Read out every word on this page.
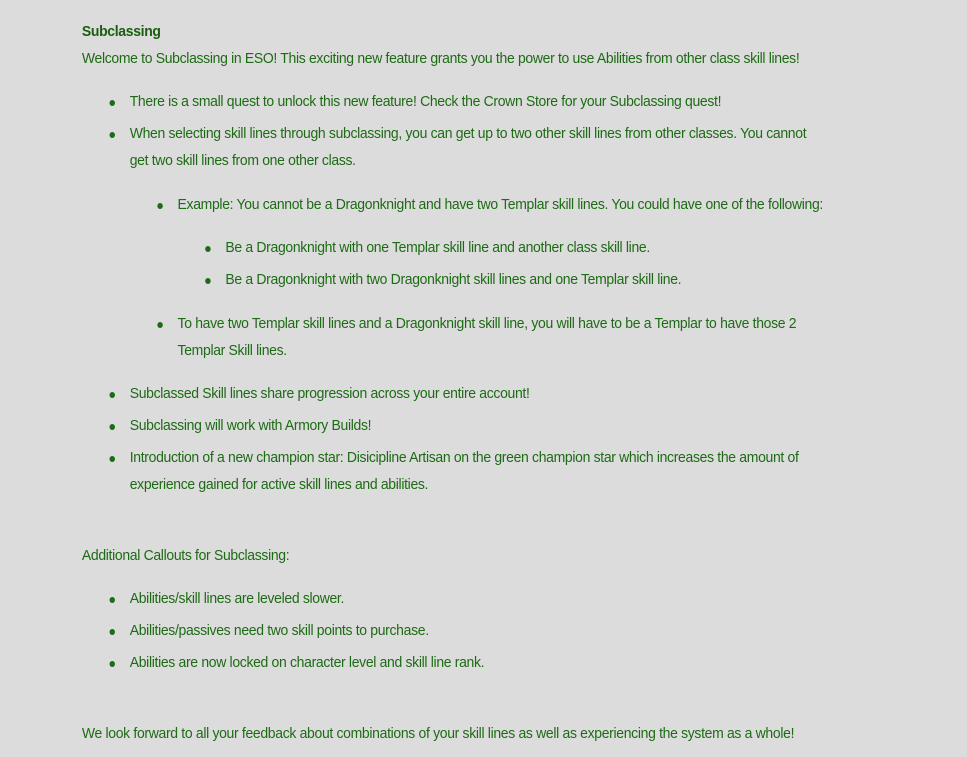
Subclassing
Welcome to Subclassing in ESO! This exciting new feature grants you the power to use Abilities from other class skill lines!
There is a small quest to unlock this new feature! Check the Crown Store for your Subclassing quest!
When selecting skill lines through subclassing, you can get up to two other skill lines from other classes. You cannot
get two skill lines from one other class.
Example: You cannot be a Dragonknight and have two Templar skill lines. You could have one of the following:
Be a Dragonknight with one Templar skill line and another class skill line.
Be a Dragonknight with two Dragonknight skill lines and one Templar skill line.
To have two Templar skill lines and a Dragonknight skill line, you will have to be a Templar to have those 2
Templar Skill lines.
Subclassed Skill lines share progression across your entire account!
Subclassing will work with Armory Builds!
Introduction of a new champion star: Disicipline Artisan on the green champion star which increases the amount of
experience gained for active skill lines and abilities.
Additional Callouts for Subclassing:
Abilities/skill lines are leveled slower.
Abilities/passives need two skill points to purchase.
Abilities are now locked on character level and skill line rank.
We look forward to all your feedback about combinations of your skill lines as well as experiencing the system as a whole!
